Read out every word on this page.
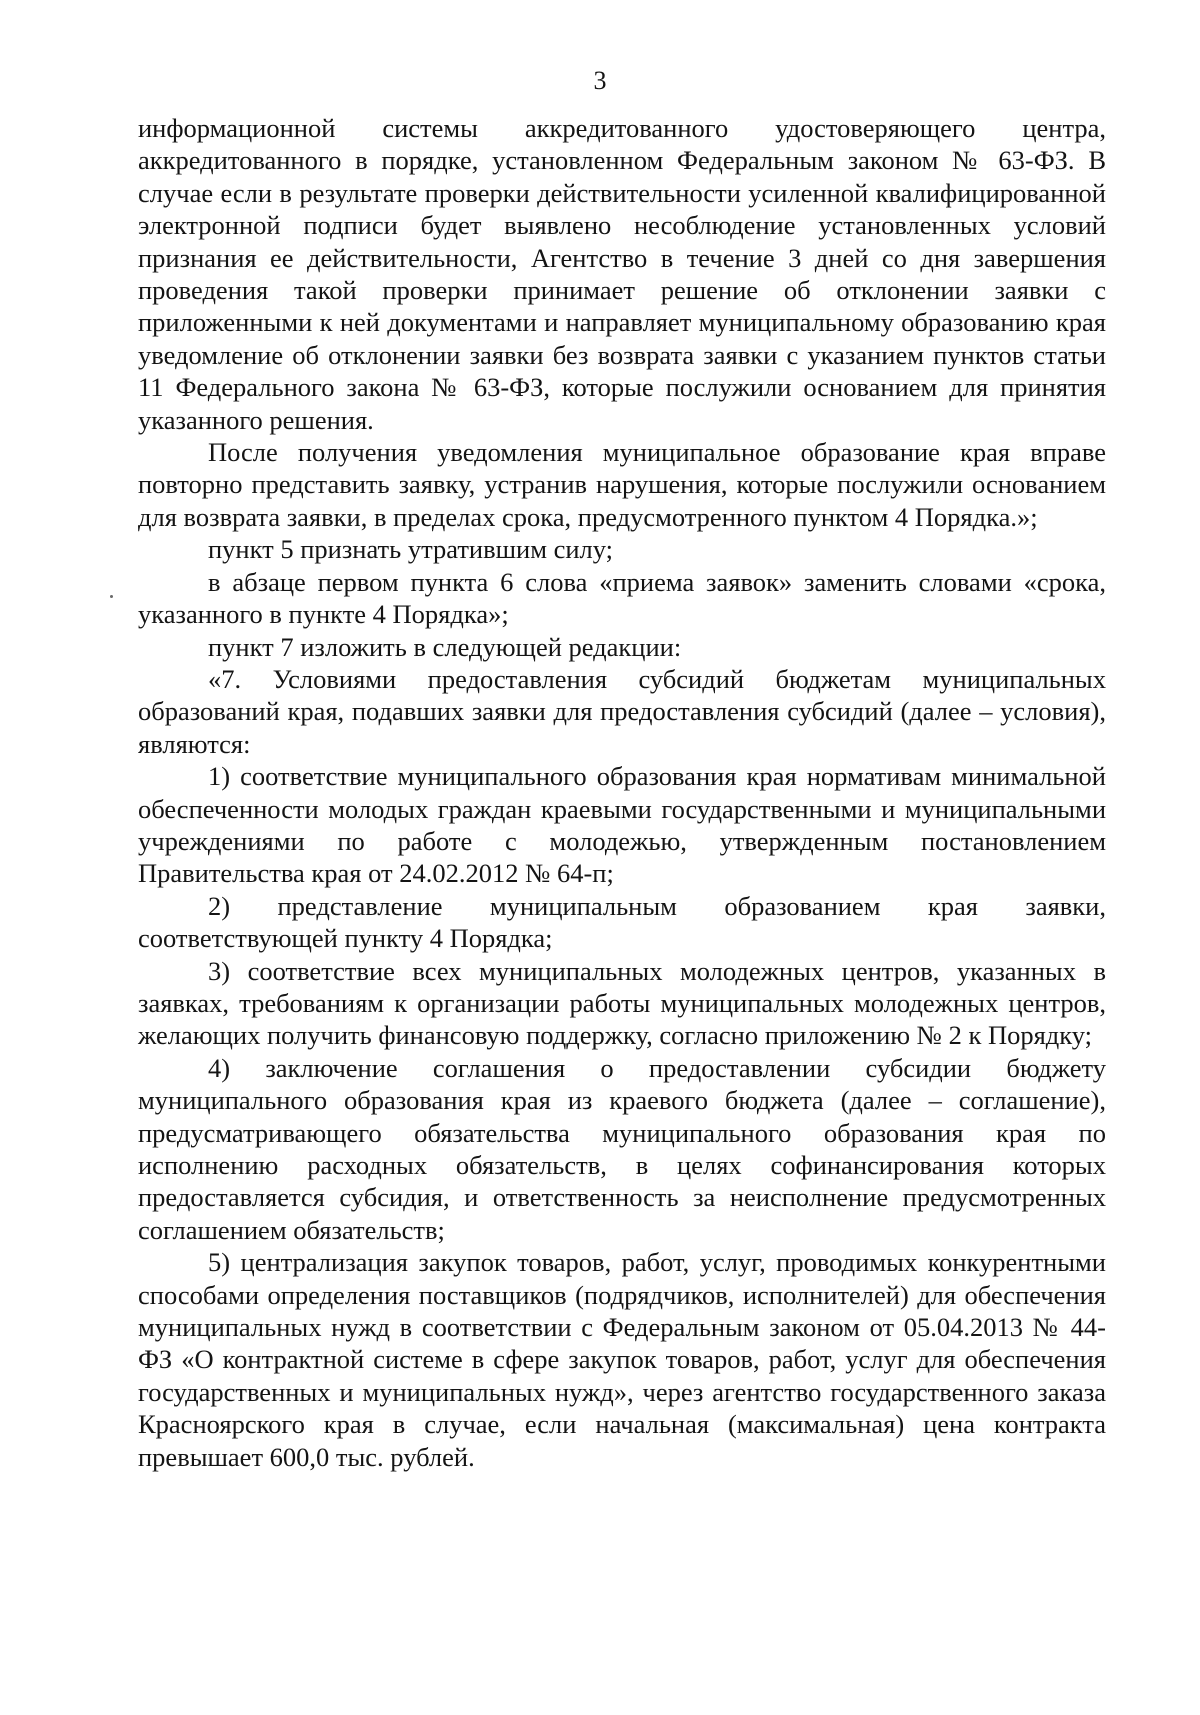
3

информационной системы аккредитованного удостоверяющего центра, аккредитованного в порядке, установленном Федеральным законом № 63-ФЗ. В случае если в результате проверки действительности усиленной квалифицированной электронной подписи будет выявлено несоблюдение установленных условий признания ее действительности, Агентство в течение 3 дней со дня завершения проведения такой проверки принимает решение об отклонении заявки с приложенными к ней документами и направляет муниципальному образованию края уведомление об отклонении заявки без возврата заявки с указанием пунктов статьи 11 Федерального закона № 63-ФЗ, которые послужили основанием для принятия указанного решения.

После получения уведомления муниципальное образование края вправе повторно представить заявку, устранив нарушения, которые послужили основанием для возврата заявки, в пределах срока, предусмотренного пунктом 4 Порядка.»;

пункт 5 признать утратившим силу;

в абзаце первом пункта 6 слова «приема заявок» заменить словами «срока, указанного в пункте 4 Порядка»;

пункт 7 изложить в следующей редакции:

«7. Условиями предоставления субсидий бюджетам муниципальных образований края, подавших заявки для предоставления субсидий (далее – условия), являются:

1) соответствие муниципального образования края нормативам минимальной обеспеченности молодых граждан краевыми государственными и муниципальными учреждениями по работе с молодежью, утвержденным постановлением Правительства края от 24.02.2012 № 64-п;

2) представление муниципальным образованием края заявки, соответствующей пункту 4 Порядка;

3) соответствие всех муниципальных молодежных центров, указанных в заявках, требованиям к организации работы муниципальных молодежных центров, желающих получить финансовую поддержку, согласно приложению № 2 к Порядку;

4) заключение соглашения о предоставлении субсидии бюджету муниципального образования края из краевого бюджета (далее – соглашение), предусматривающего обязательства муниципального образования края по исполнению расходных обязательств, в целях софинансирования которых предоставляется субсидия, и ответственность за неисполнение предусмотренных соглашением обязательств;

5) централизация закупок товаров, работ, услуг, проводимых конкурентными способами определения поставщиков (подрядчиков, исполнителей) для обеспечения муниципальных нужд в соответствии с Федеральным законом от 05.04.2013 № 44-ФЗ «О контрактной системе в сфере закупок товаров, работ, услуг для обеспечения государственных и муниципальных нужд», через агентство государственного заказа Красноярского края в случае, если начальная (максимальная) цена контракта превышает 600,0 тыс. рублей.
